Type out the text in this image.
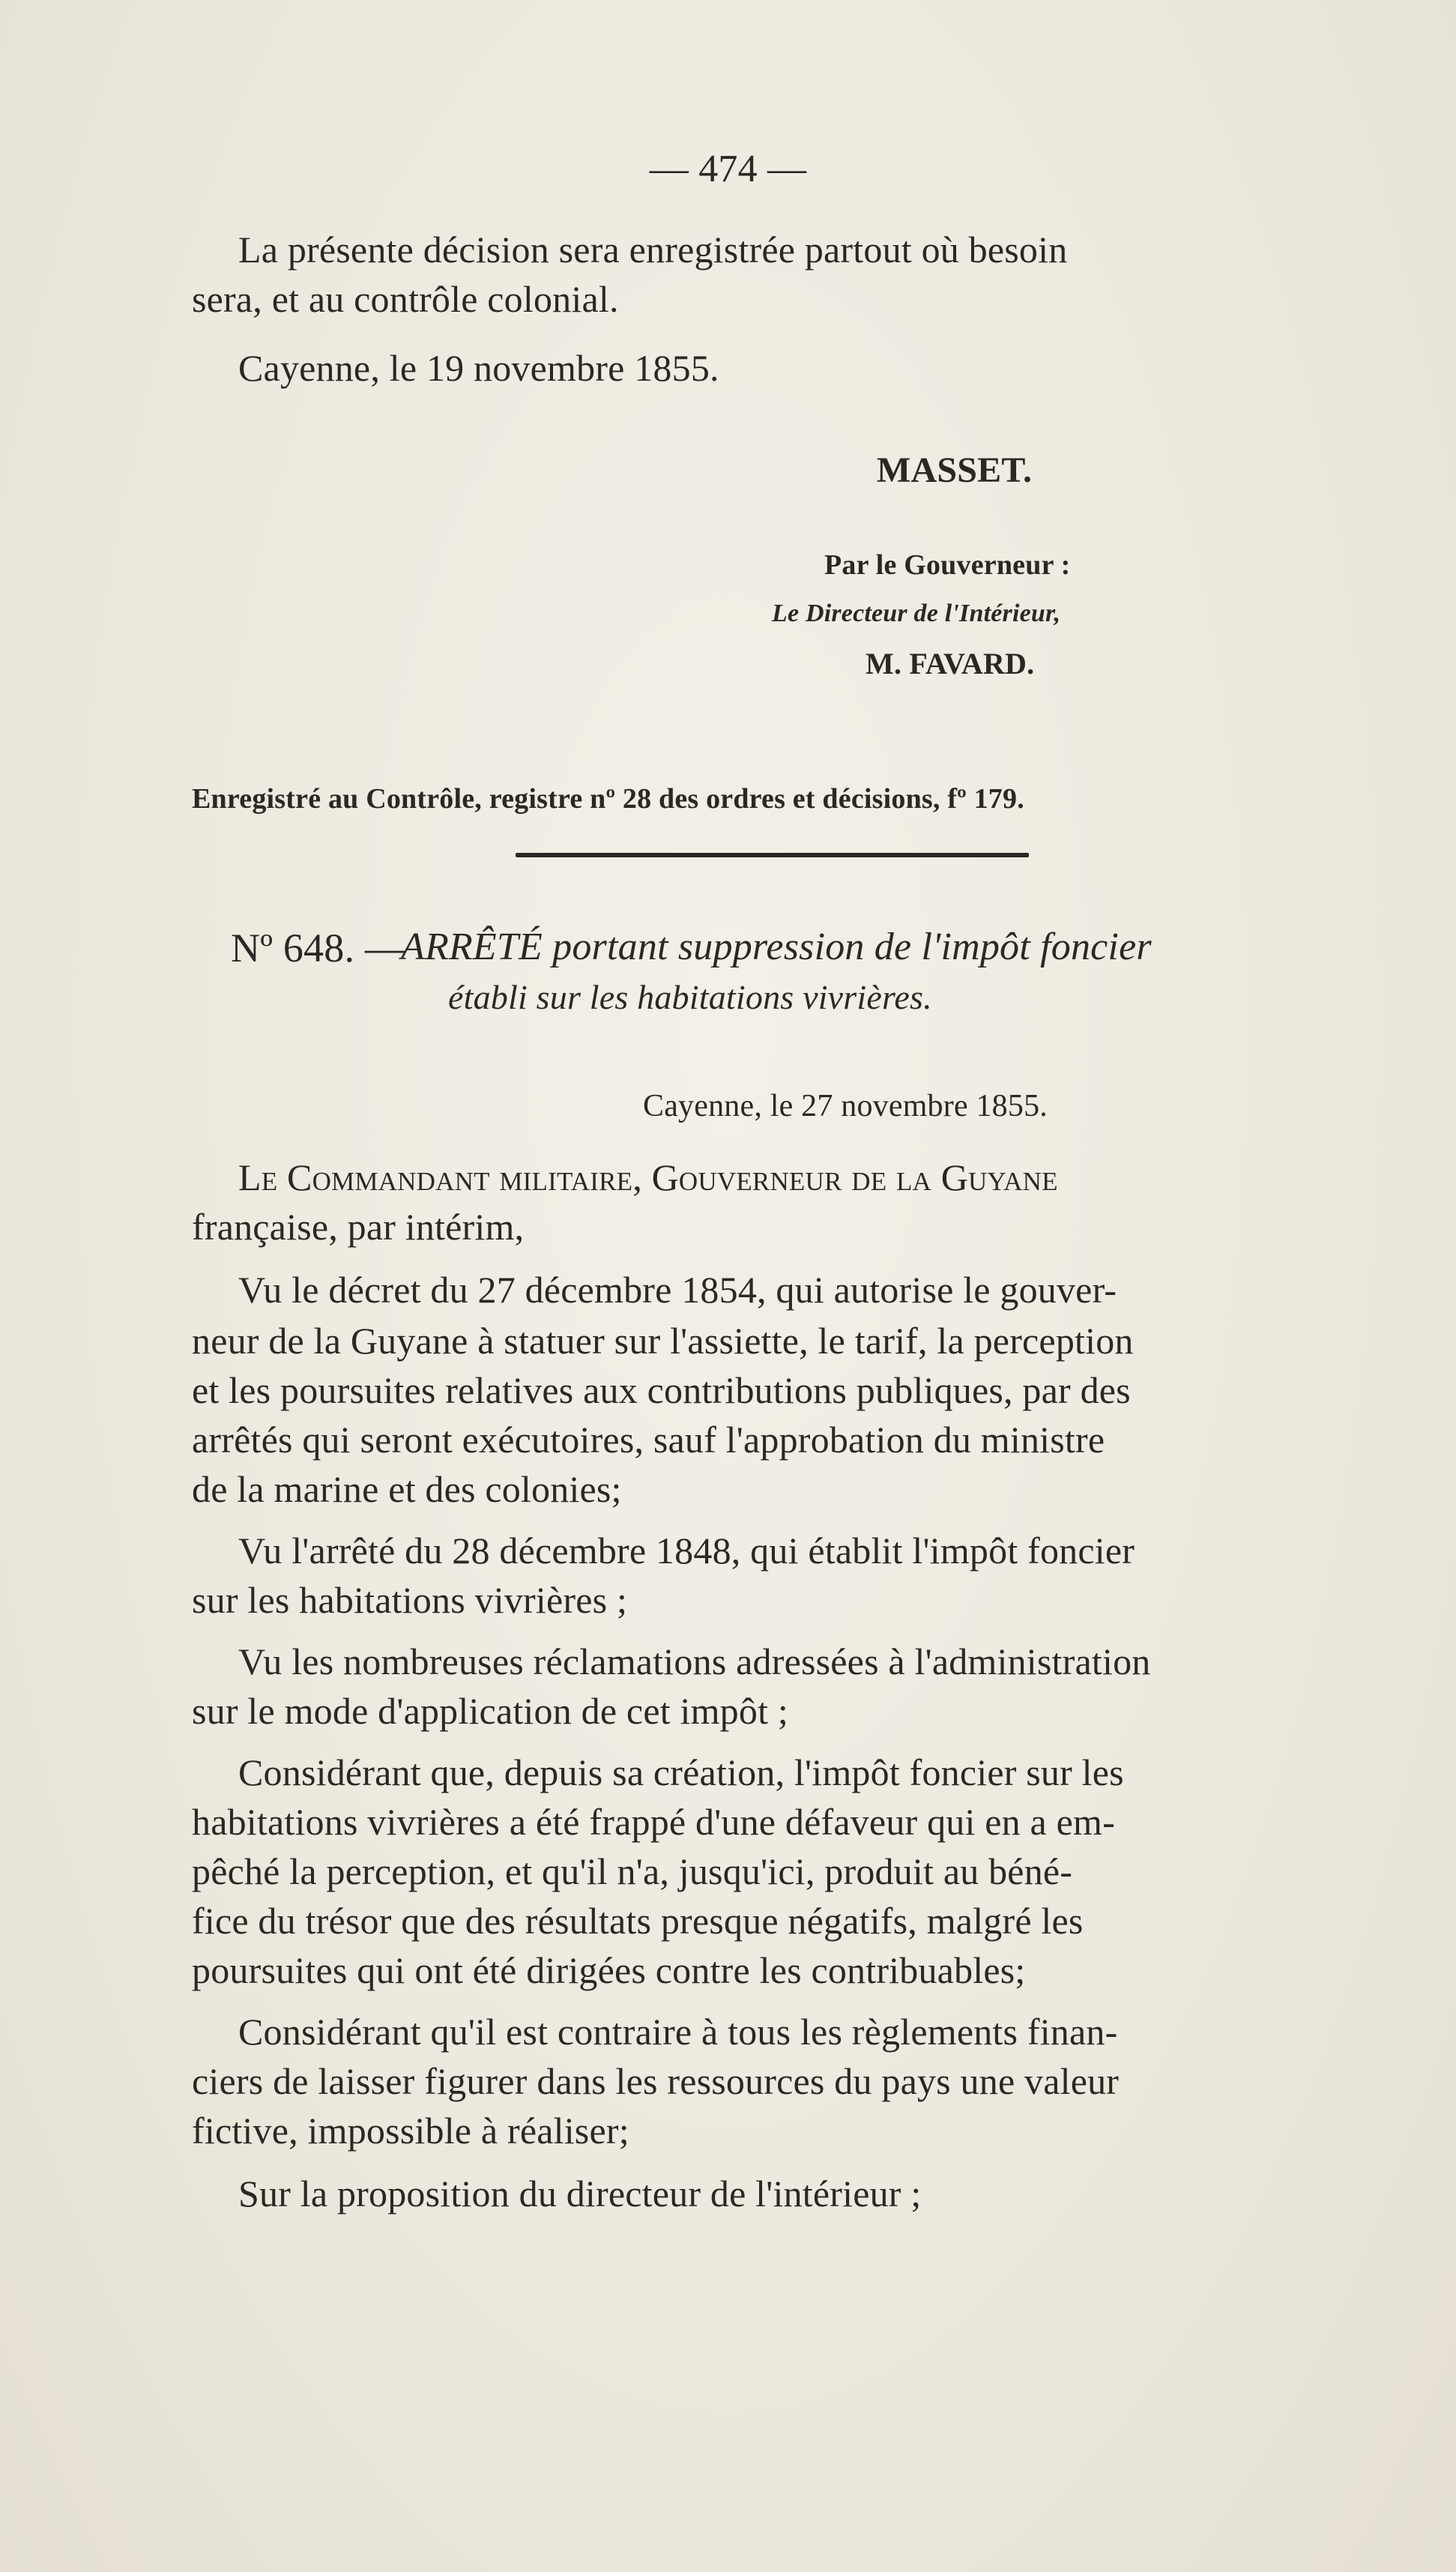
— 474 —
La présente décision sera enregistrée partout où besoin
sera, et au contrôle colonial.
Cayenne, le 19 novembre 1855.
MASSET.
Par le Gouverneur :
Le Directeur de l'Intérieur,
M. FAVARD.
Enregistré au Contrôle, registre nº 28 des ordres et décisions, fº 179.
Nº 648. —
ARRÊTÉ portant suppression de l'impôt foncier
établi sur les habitations vivrières.
Cayenne, le 27 novembre 1855.
Le Commandant militaire, Gouverneur de la Guyane
française, par intérim,
Vu le décret du 27 décembre 1854, qui autorise le gouver-
neur de la Guyane à statuer sur l'assiette, le tarif, la perception
et les poursuites relatives aux contributions publiques, par des
arrêtés qui seront exécutoires, sauf l'approbation du ministre
de la marine et des colonies;
Vu l'arrêté du 28 décembre 1848, qui établit l'impôt foncier
sur les habitations vivrières ;
Vu les nombreuses réclamations adressées à l'administration
sur le mode d'application de cet impôt ;
Considérant que, depuis sa création, l'impôt foncier sur les
habitations vivrières a été frappé d'une défaveur qui en a em-
pêché la perception, et qu'il n'a, jusqu'ici, produit au béné-
fice du trésor que des résultats presque négatifs, malgré les
poursuites qui ont été dirigées contre les contribuables;
Considérant qu'il est contraire à tous les règlements finan-
ciers de laisser figurer dans les ressources du pays une valeur
fictive, impossible à réaliser;
Sur la proposition du directeur de l'intérieur ;
